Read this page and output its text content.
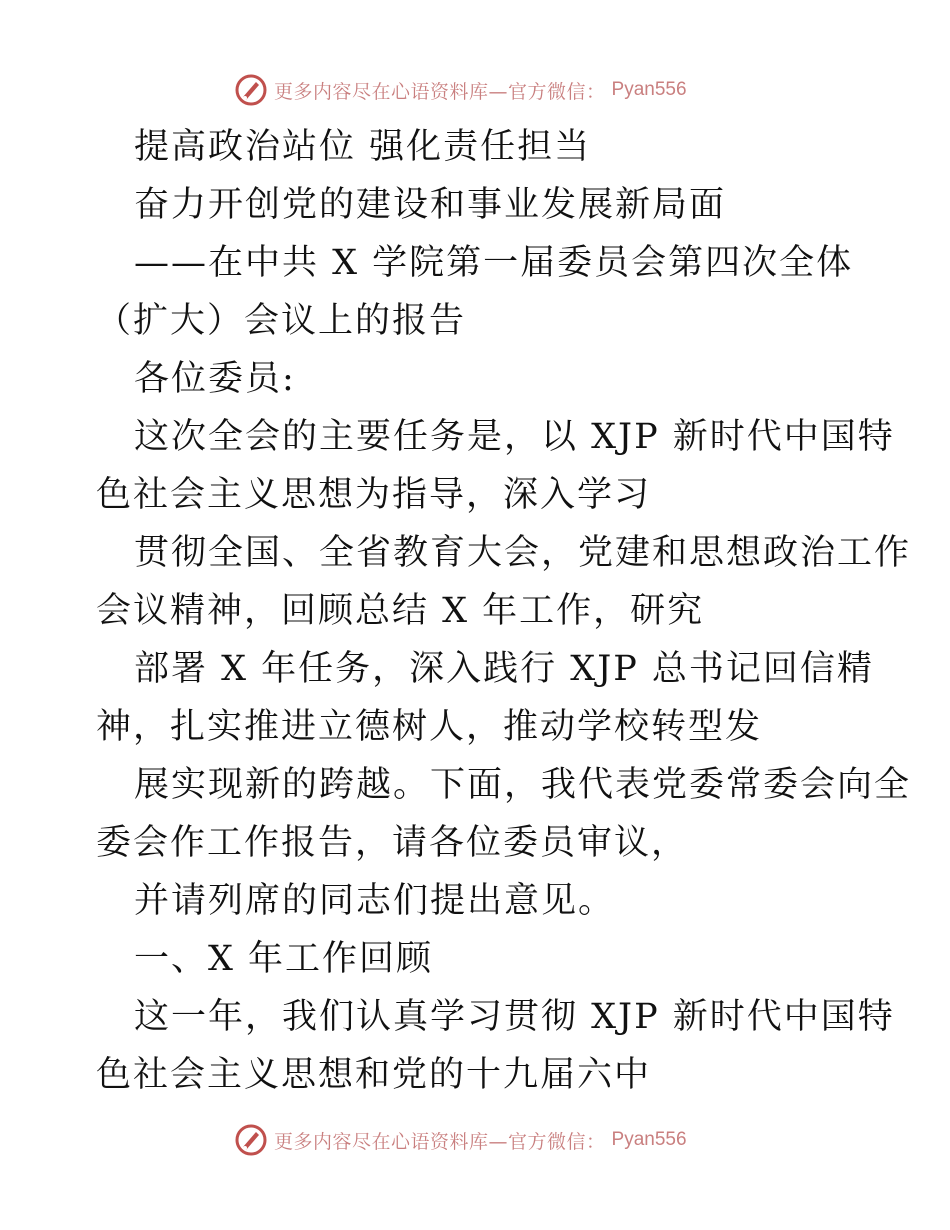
更多内容尽在心语资料库—官方微信： Pyan556
提高政治站位 强化责任担当
奋力开创党的建设和事业发展新局面
——在中共 X 学院第一届委员会第四次全体
（扩大）会议上的报告
各位委员:
这次全会的主要任务是，以 XJP 新时代中国特
色社会主义思想为指导，深入学习
贯彻全国、全省教育大会，党建和思想政治工作
会议精神，回顾总结 X 年工作，研究
部署 X 年任务，深入践行 XJP 总书记回信精
神，扎实推进立德树人，推动学校转型发
展实现新的跨越。下面，我代表党委常委会向全
委会作工作报告，请各位委员审议，
并请列席的同志们提出意见。
一、X 年工作回顾
这一年，我们认真学习贯彻 XJP 新时代中国特
色社会主义思想和党的十九届六中
更多内容尽在心语资料库—官方微信： Pyan556
